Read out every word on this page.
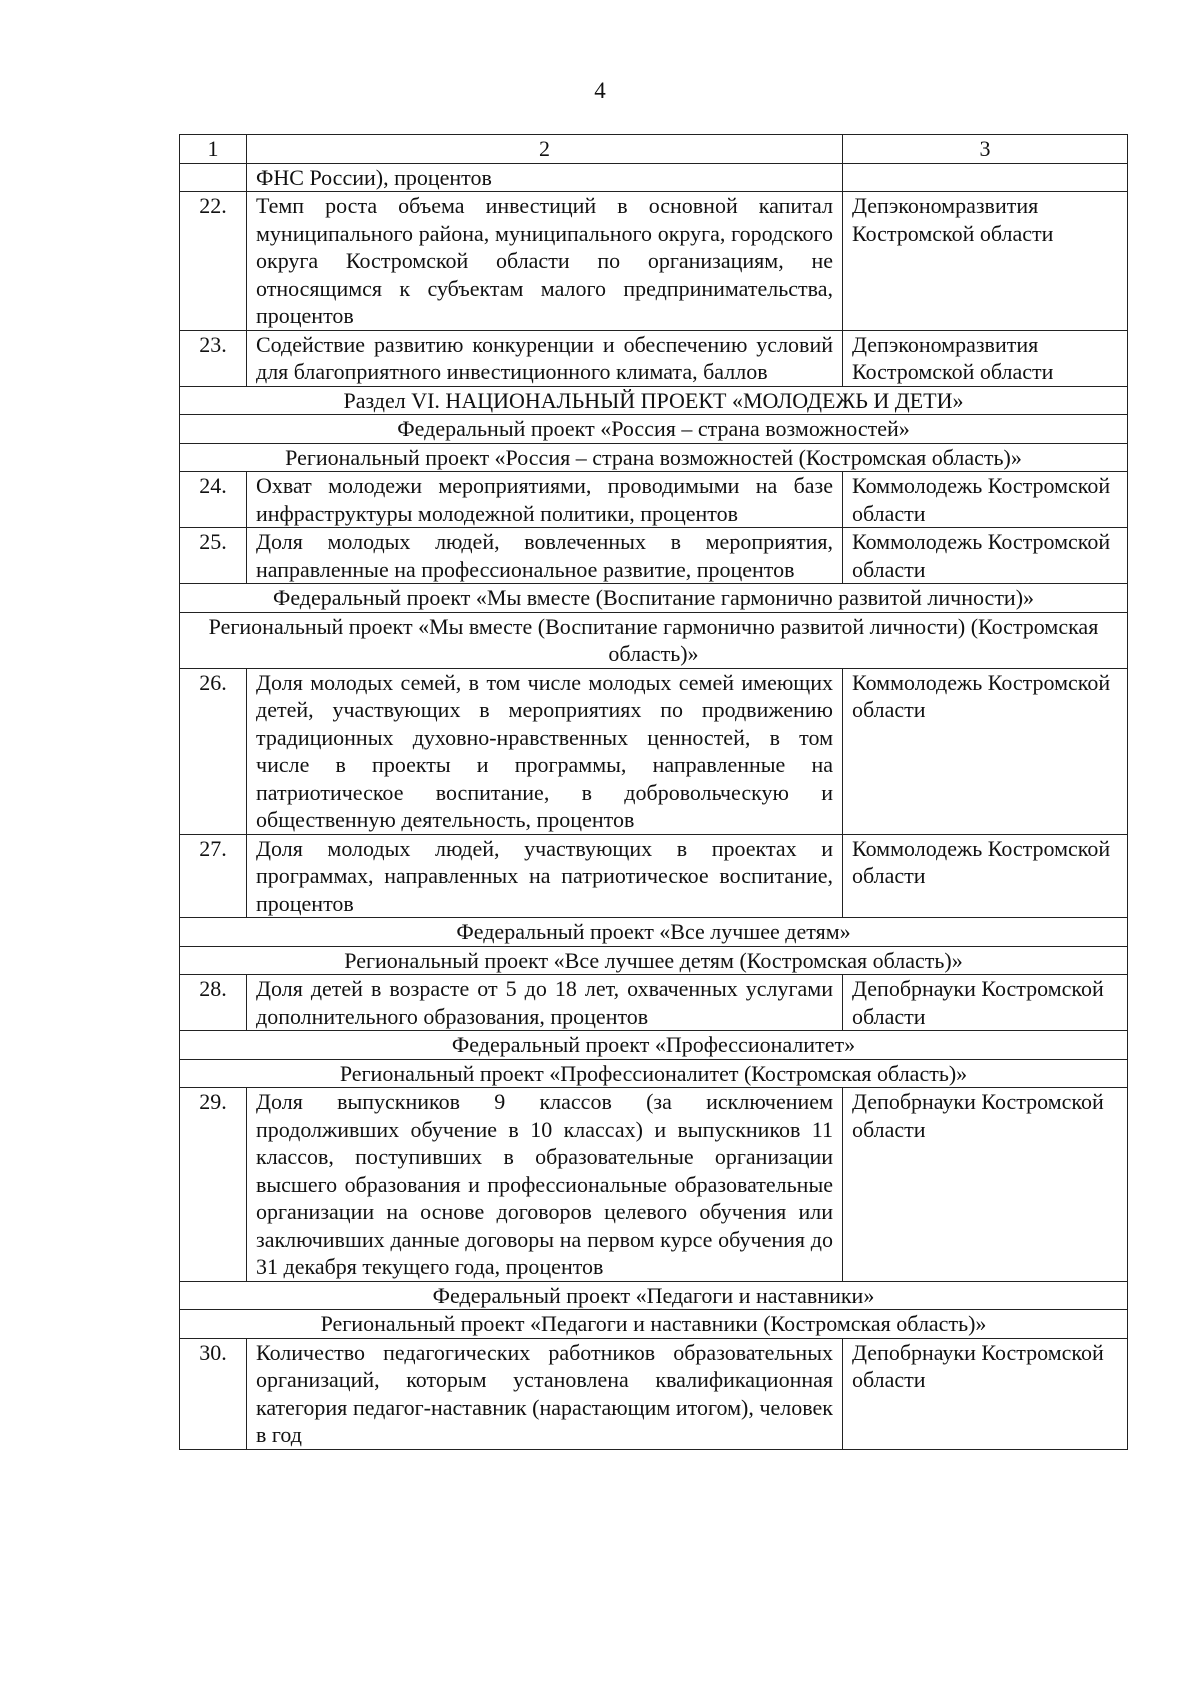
4
1	2	3
	ФНС России), процентов	
22.	Темп роста объема инвестиций в основной капитал муниципального района, муниципального округа, городского округа Костромской области по организациям, не относящимся к субъектам малого предпринимательства, процентов	Депэкономразвития Костромской области
23.	Содействие развитию конкуренции и обеспечению условий для благоприятного инвестиционного климата, баллов	Депэкономразвития Костромской области
Раздел VI. НАЦИОНАЛЬНЫЙ ПРОЕКТ «МОЛОДЕЖЬ И ДЕТИ»		
Федеральный проект «Россия – страна возможностей»		
Региональный проект «Россия – страна возможностей (Костромская область)»		
24.	Охват молодежи мероприятиями, проводимыми на базе инфраструктуры молодежной политики, процентов	Коммолодежь Костромской области
25.	Доля молодых людей, вовлеченных в мероприятия, направленные на профессиональное развитие, процентов	Коммолодежь Костромской области
Федеральный проект «Мы вместе (Воспитание гармонично развитой личности)»		
Региональный проект «Мы вместе (Воспитание гармонично развитой личности) (Костромская область)»		
26.	Доля молодых семей, в том числе молодых семей имеющих детей, участвующих в мероприятиях по продвижению традиционных духовно-нравственных ценностей, в том числе в проекты и программы, направленные на патриотическое воспитание, в добровольческую и общественную деятельность, процентов	Коммолодежь Костромской области
27.	Доля молодых людей, участвующих в проектах и программах, направленных на патриотическое воспитание, процентов	Коммолодежь Костромской области
Федеральный проект «Все лучшее детям»		
Региональный проект «Все лучшее детям (Костромская область)»		
28.	Доля детей в возрасте от 5 до 18 лет, охваченных услугами дополнительного образования, процентов	Депобрнауки Костромской области
Федеральный проект «Профессионалитет»		
Региональный проект «Профессионалитет (Костромская область)»		
29.	Доля выпускников 9 классов (за исключением продолживших обучение в 10 классах) и выпускников 11 классов, поступивших в образовательные организации высшего образования и профессиональные образовательные организации на основе договоров целевого обучения или заключивших данные договоры на первом курсе обучения до 31 декабря текущего года, процентов	Депобрнауки Костромской области
Федеральный проект «Педагоги и наставники»		
Региональный проект «Педагоги и наставники (Костромская область)»		
30.	Количество педагогических работников образовательных организаций, которым установлена квалификационная категория педагог-наставник (нарастающим итогом), человек в год	Депобрнауки Костромской области
